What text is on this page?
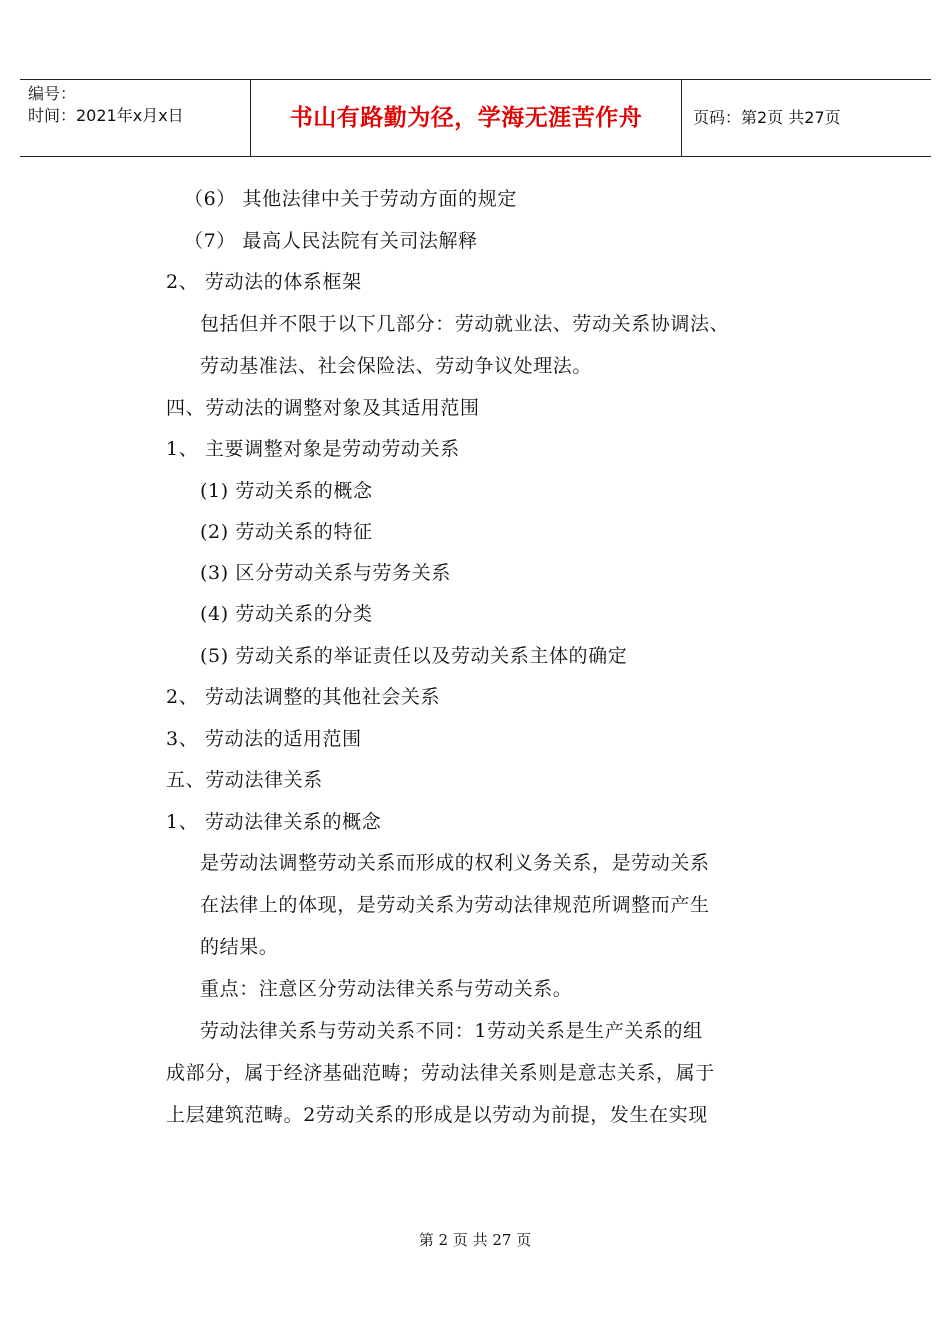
编号：
时间：2021年x月x日	书山有路勤为径，学海无涯苦作舟	页码：第2页 共27页
（6） 其他法律中关于劳动方面的规定
（7） 最高人民法院有关司法解释
2、 劳动法的体系框架
包括但并不限于以下几部分：劳动就业法、劳动关系协调法、
劳动基准法、社会保险法、劳动争议处理法。
四、劳动法的调整对象及其适用范围
1、 主要调整对象是劳动劳动关系
(1) 劳动关系的概念
(2) 劳动关系的特征
(3) 区分劳动关系与劳务关系
(4) 劳动关系的分类
(5) 劳动关系的举证责任以及劳动关系主体的确定
2、 劳动法调整的其他社会关系
3、 劳动法的适用范围
五、劳动法律关系
1、 劳动法律关系的概念
是劳动法调整劳动关系而形成的权利义务关系，是劳动关系
在法律上的体现，是劳动关系为劳动法律规范所调整而产生
的结果。
重点：注意区分劳动法律关系与劳动关系。
劳动法律关系与劳动关系不同：1劳动关系是生产关系的组
成部分，属于经济基础范畴；劳动法律关系则是意志关系，属于
上层建筑范畴。2劳动关系的形成是以劳动为前提，发生在实现
第 2 页 共 27 页
